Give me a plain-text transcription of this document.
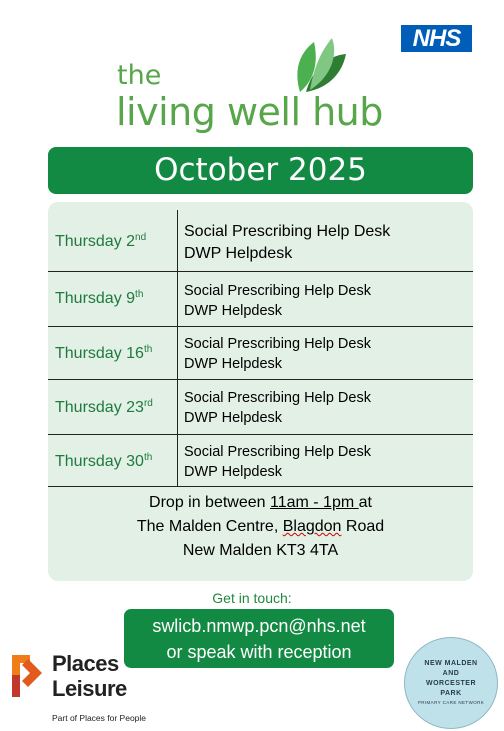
NHS
the
living well hub
October 2025
Thursday 2nd Social Prescribing Help Desk
DWP Helpdesk
Thursday 9th	Social Prescribing Help Desk
DWP Helpdesk
Thursday 16th Social Prescribing Help Desk
DWP Helpdesk
Thursday 23rd Social Prescribing Help Desk
DWP Helpdesk
Thursday 30th Social Prescribing Help Desk
DWP Helpdesk
Drop in between 11am - 1pm at
The Malden Centre, Blagdon Road
New Malden KT3 4TA
Get in touch:
swlicb.nmwp.pcn@nhs.net
or speak with reception
Places
Leisure
Part of Places for People
NEW MALDEN
AND
WORCESTER
PARK
PRIMARY CARE NETWORK
